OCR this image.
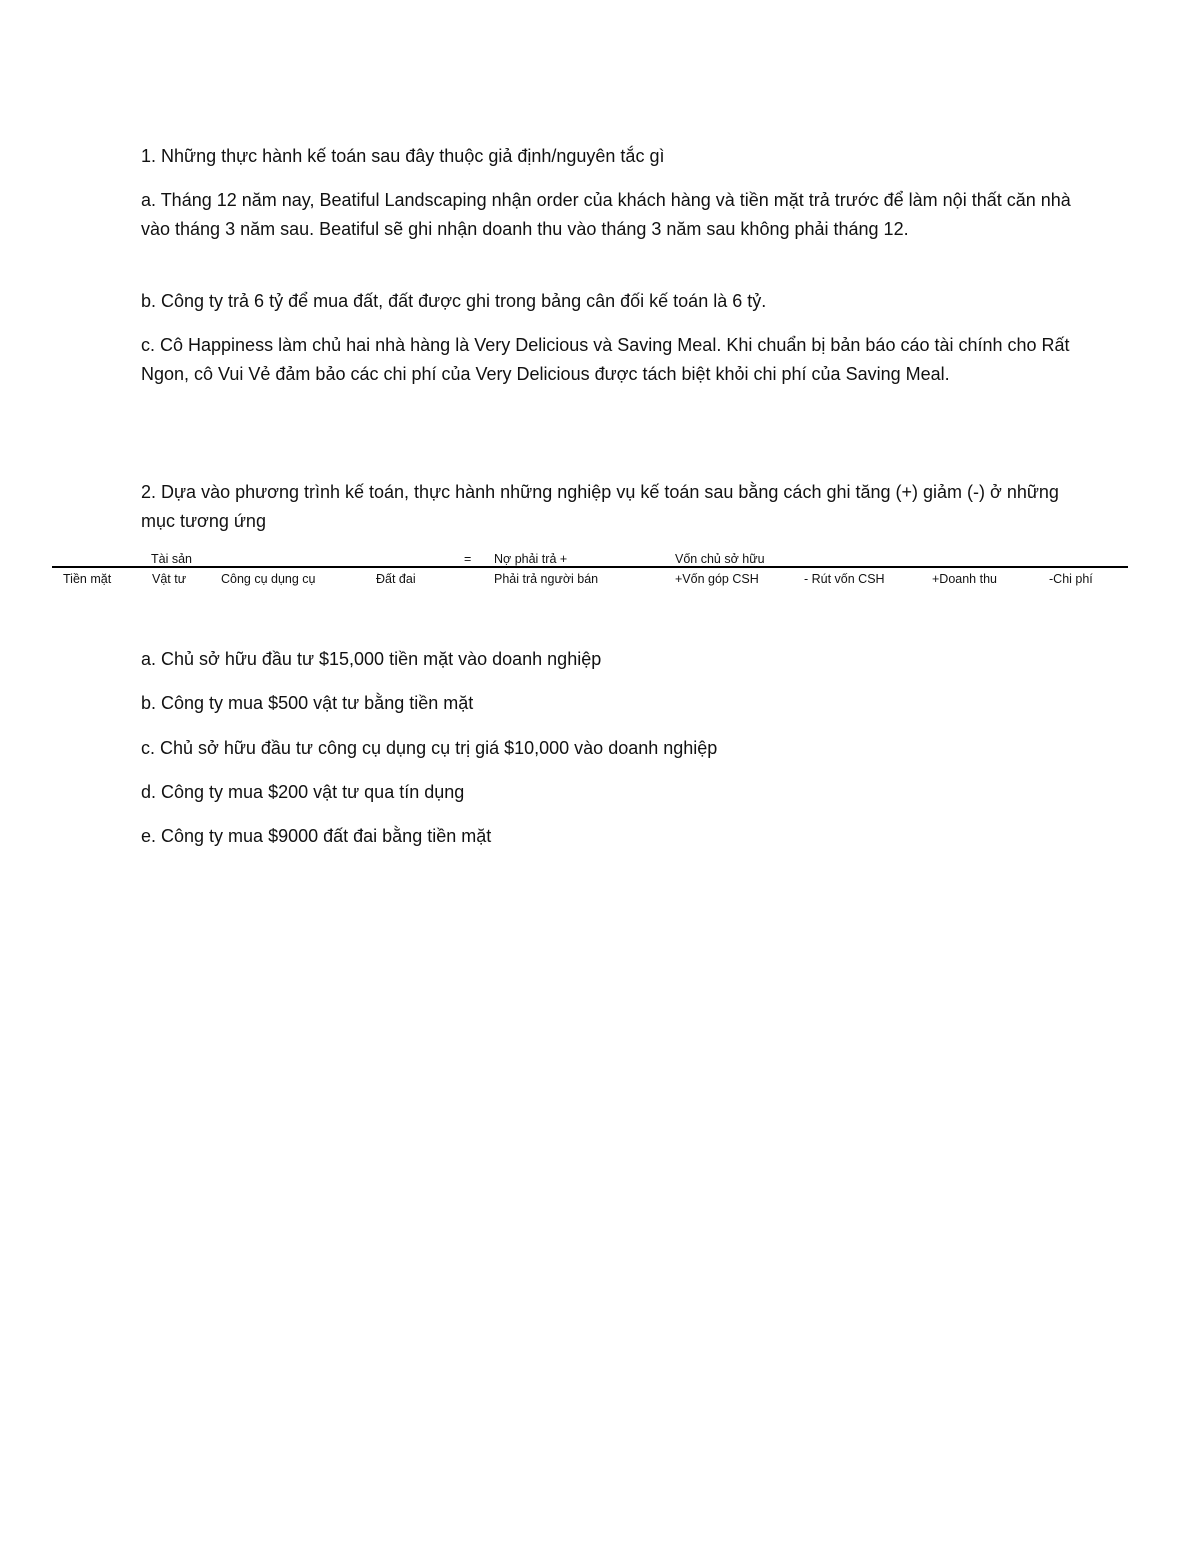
1. Những thực hành kế toán sau đây thuộc giả định/nguyên tắc gì

a. Tháng 12 năm nay, Beatiful Landscaping nhận order của khách hàng và tiền mặt trả trước để làm nội thất căn nhà vào tháng 3 năm sau. Beatiful sẽ ghi nhận doanh thu vào tháng 3 năm sau không phải tháng 12.

b. Công ty trả 6 tỷ để mua đất, đất được ghi trong bảng cân đối kế toán là 6 tỷ.

c. Cô Happiness làm chủ hai nhà hàng là Very Delicious và Saving Meal. Khi chuẩn bị bản báo cáo tài chính cho Rất Ngon, cô Vui Vẻ đảm bảo các chi phí của Very Delicious được tách biệt khỏi chi phí của Saving Meal.

2. Dựa vào phương trình kế toán, thực hành những nghiệp vụ kế toán sau bằng cách ghi tăng (+) giảm (-) ở những mục tương ứng

Tài sản	= Nợ phải trả +	Vốn chủ sở hữu
Tiền mặt	Vật tư	Công cụ dụng cụ	Đất đai	Phải trả người bán	+Vốn góp CSH	- Rút vốn CSH	+Doanh thu	-Chi phí

a. Chủ sở hữu đầu tư $15,000 tiền mặt vào doanh nghiệp

b. Công ty mua $500 vật tư bằng tiền mặt

c. Chủ sở hữu đầu tư công cụ dụng cụ trị giá $10,000 vào doanh nghiệp

d. Công ty mua $200 vật tư qua tín dụng

e. Công ty mua $9000 đất đai bằng tiền mặt
